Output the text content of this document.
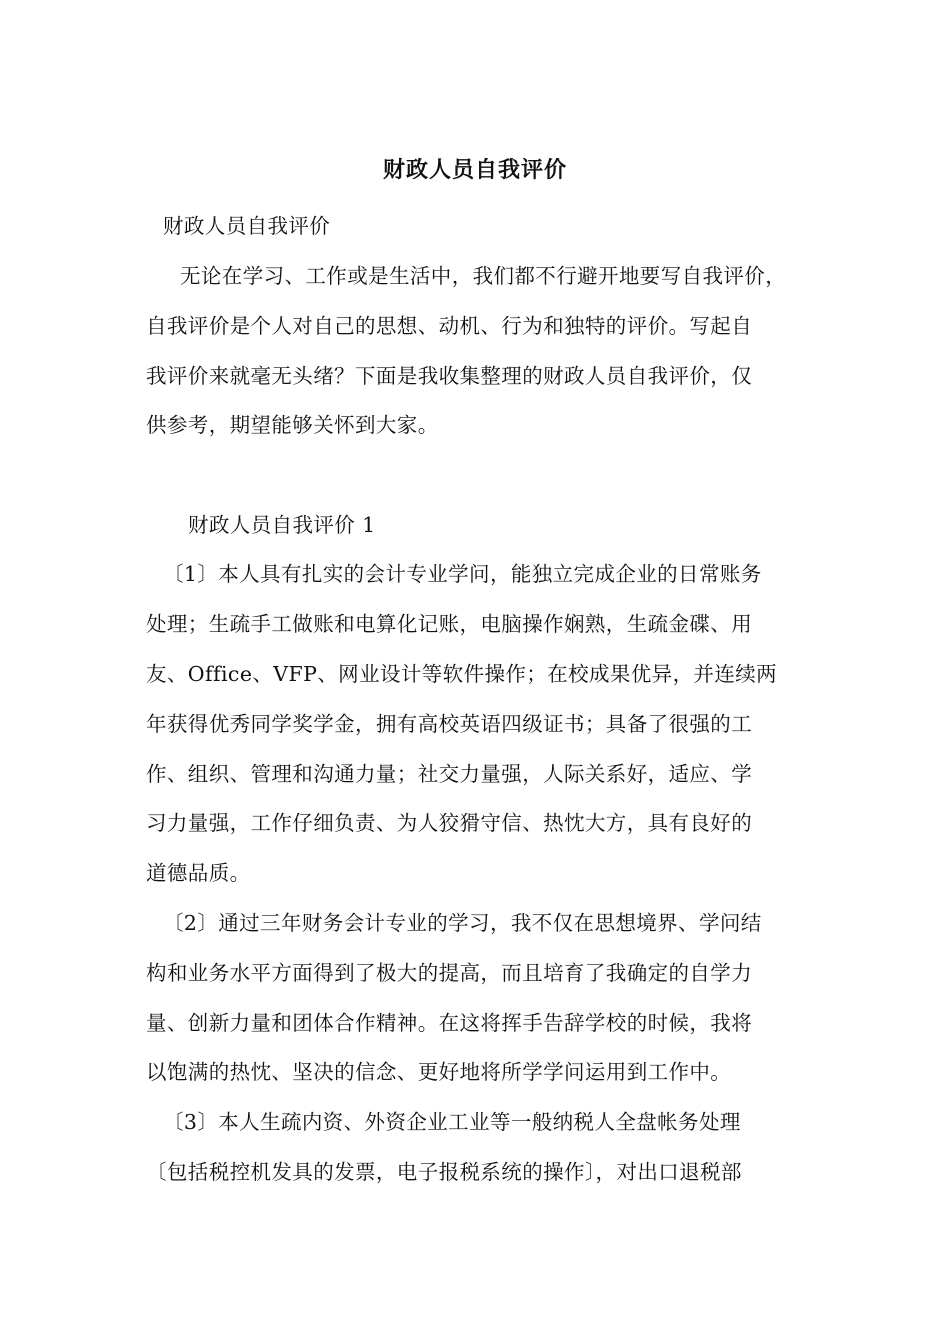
财政人员自我评价
财政人员自我评价
无论在学习、工作或是生活中，我们都不行避开地要写自我评价，
自我评价是个人对自己的思想、动机、行为和独特的评价。写起自
我评价来就毫无头绪？下面是我收集整理的财政人员自我评价，仅
供参考，期望能够关怀到大家。
财政人员自我评价 1
〔1〕本人具有扎实的会计专业学问，能独立完成企业的日常账务
处理；生疏手工做账和电算化记账，电脑操作娴熟，生疏金碟、用
友、Office、VFP、网业设计等软件操作；在校成果优异，并连续两
年获得优秀同学奖学金，拥有高校英语四级证书；具备了很强的工
作、组织、管理和沟通力量；社交力量强，人际关系好，适应、学
习力量强，工作仔细负责、为人狡猾守信、热忱大方，具有良好的
道德品质。
〔2〕通过三年财务会计专业的学习，我不仅在思想境界、学问结
构和业务水平方面得到了极大的提高，而且培育了我确定的自学力
量、创新力量和团体合作精神。在这将挥手告辞学校的时候，我将
以饱满的热忱、坚决的信念、更好地将所学学问运用到工作中。
〔3〕本人生疏内资、外资企业工业等一般纳税人全盘帐务处理
〔包括税控机发具的发票，电子报税系统的操作〕，对出口退税部
